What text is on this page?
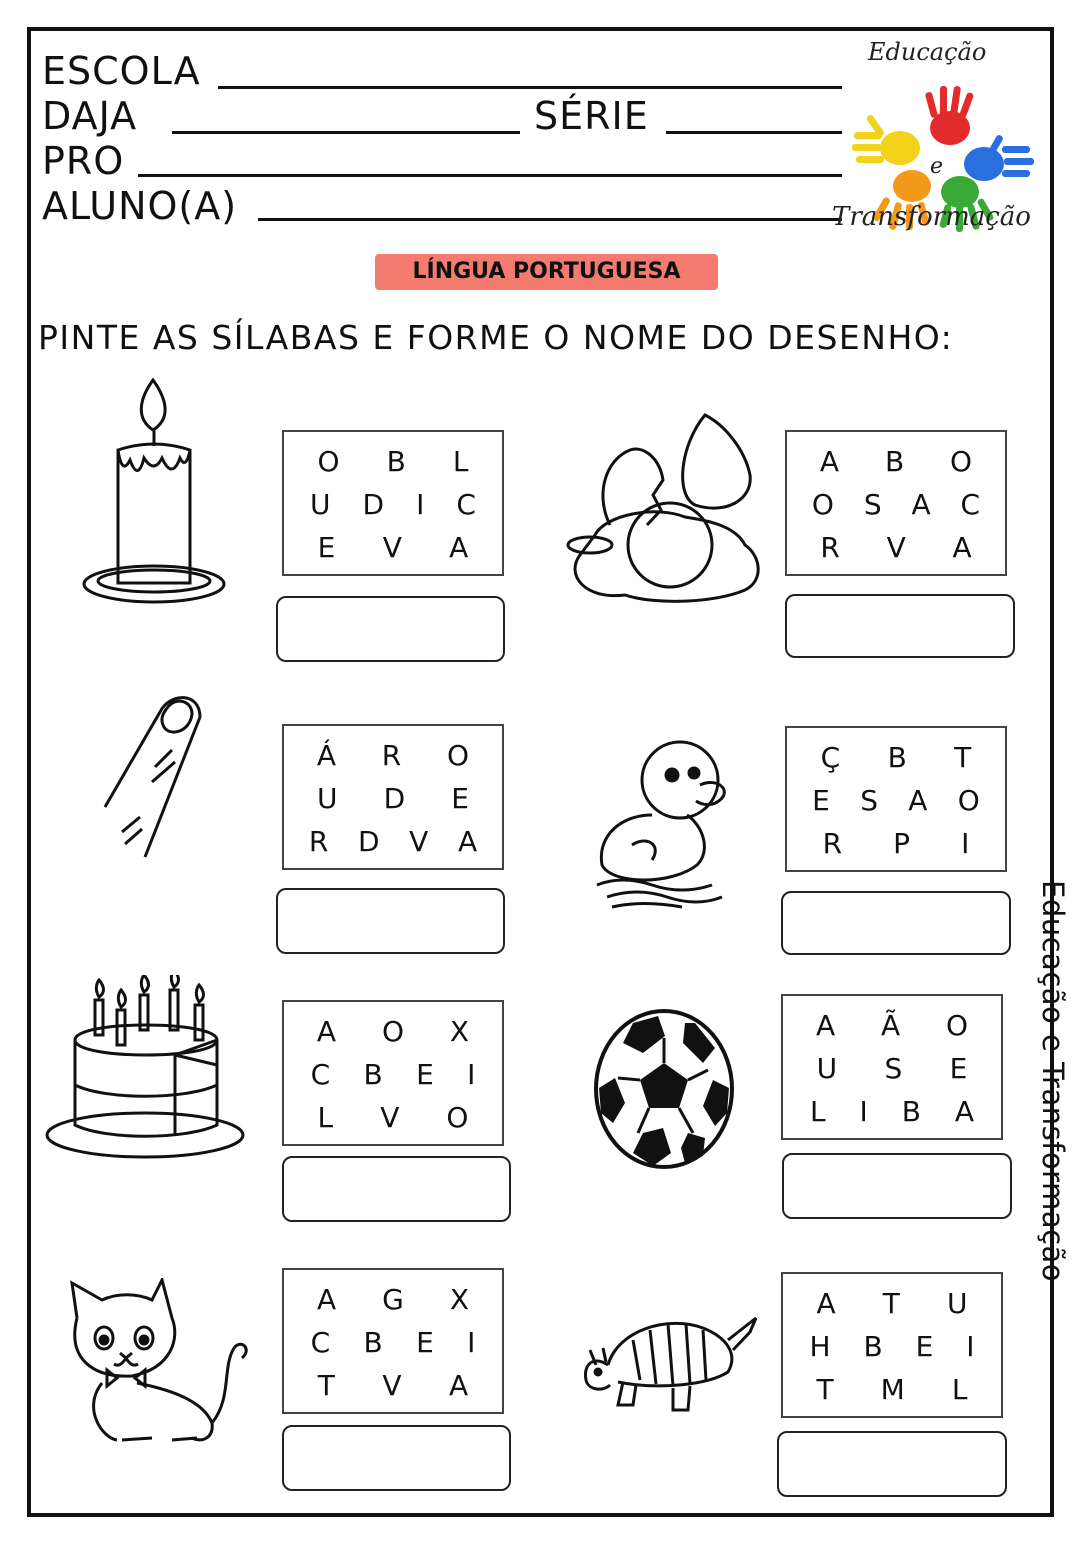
ESCOLA
DAJA	SÉRIE
PRO
ALUNO(A)
Educação
e
Transformação
LÍNGUA PORTUGUESA
PINTE AS SÍLABAS E FORME O NOME DO DESENHO:
Educação e Transformação
O B L
U D I C
E V A
A B O
O S A C
R V A
Á R O
U D E
R D V A
Ç B T
E S A O
R P I
A O X
C B E I
L V O
A Ã O
U S E
L I B A
A G X
C B E I
T V A
A T U
H B E I
T M L
